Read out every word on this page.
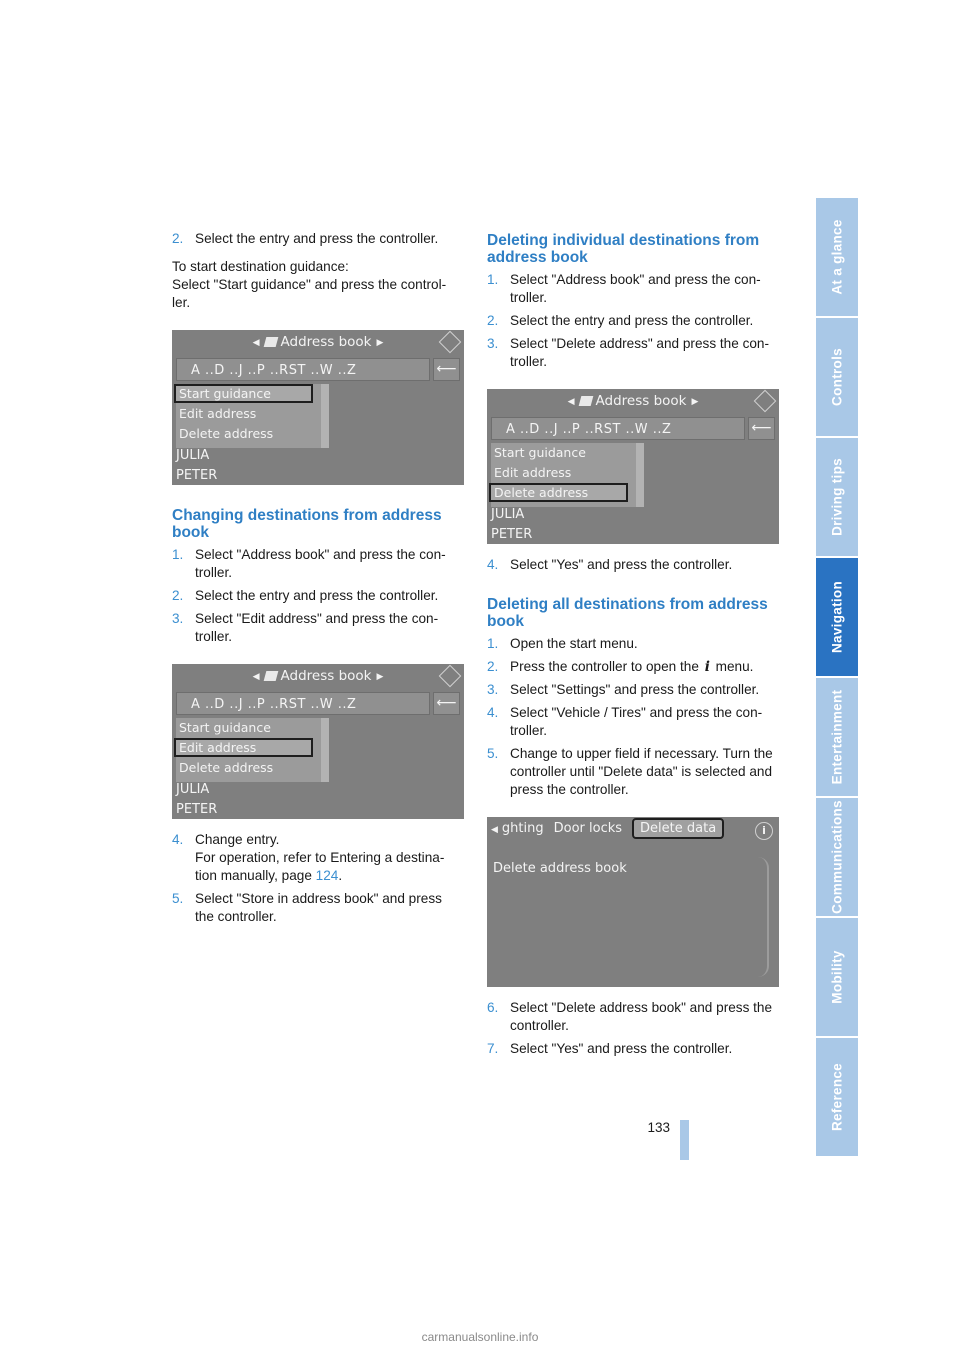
2. Select the entry and press the controller.

To start destination guidance:

Select "Start guidance" and press the control-ler.

◀ Address book ▶
A ..D ..J ..P ..RST ..W ..Z	⟵
Start guidance
Edit address
Delete address
JULIA
PETER
Changing destinations from address book
1. Select "Address book" and press the con-troller.
2. Select the entry and press the controller.
3. Select "Edit address" and press the con-troller.
◀ Address book ▶
A ..D ..J ..P ..RST ..W ..Z	⟵
Start guidance
Edit address
Delete address
JULIA
PETER
4. Change entry.
For operation, refer to Entering a destina-tion manually, page 124.
5. Select "Store in address book" and press the controller.
Deleting individual destinations from address book
1. Select "Address book" and press the con-troller.
2. Select the entry and press the controller.
3. Select "Delete address" and press the con-troller.
◀ Address book ▶
A ..D ..J ..P ..RST ..W ..Z	⟵
Start guidance
Edit address
Delete address
JULIA
PETER
4. Select "Yes" and press the controller.
Deleting all destinations from address book
1. Open the start menu.
2. Press the controller to open the i menu.
3. Select "Settings" and press the controller.
4. Select "Vehicle / Tires" and press the con-troller.
5. Change to upper field if necessary. Turn the controller until "Delete data" is selected and press the controller.
◀ ghting Door locks Delete data	i
Delete address book
6. Select "Delete address book" and press the controller.
7. Select "Yes" and press the controller.
At a glance
Controls
Driving tips
Navigation
Entertainment
Communications
Mobility
Reference
133
carmanualsonline.info
